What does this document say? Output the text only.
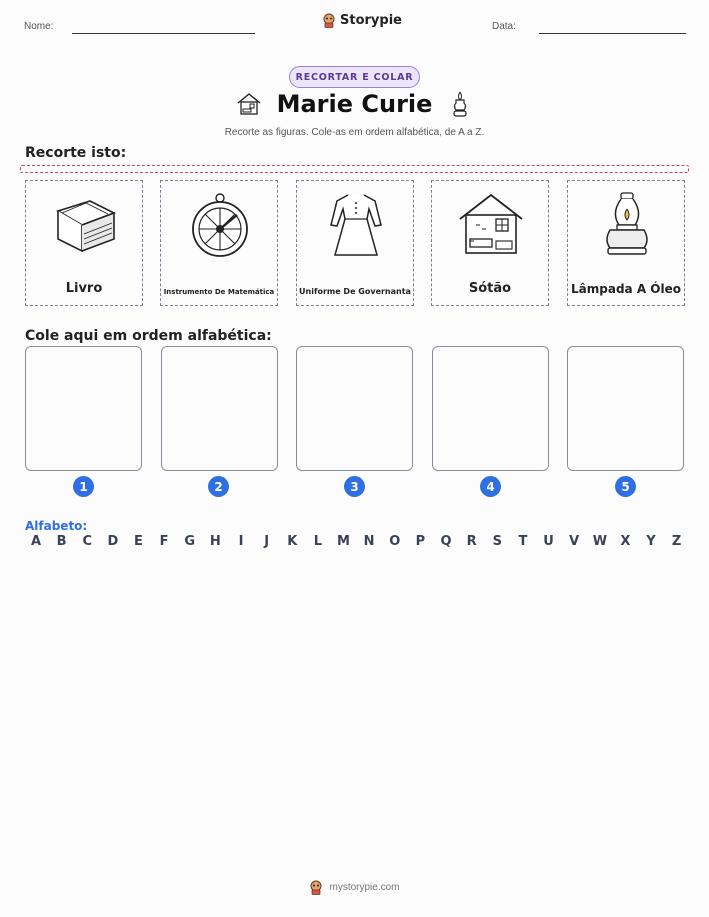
Nome:	Storypie	Data:
RECORTAR E COLAR
Marie Curie
Recorte as figuras. Cole-as em ordem alfabética, de A a Z.
Recorte isto:
Livro	Instrumento De Matemática	Uniforme De Governanta	Sótão	Lâmpada A Óleo
Cole aqui em ordem alfabética:
1	2	3	4	5
Alfabeto:
A B C D E F G H	I	J	K L M N O P Q R S T U V W X Y Z
mystorypie.com
